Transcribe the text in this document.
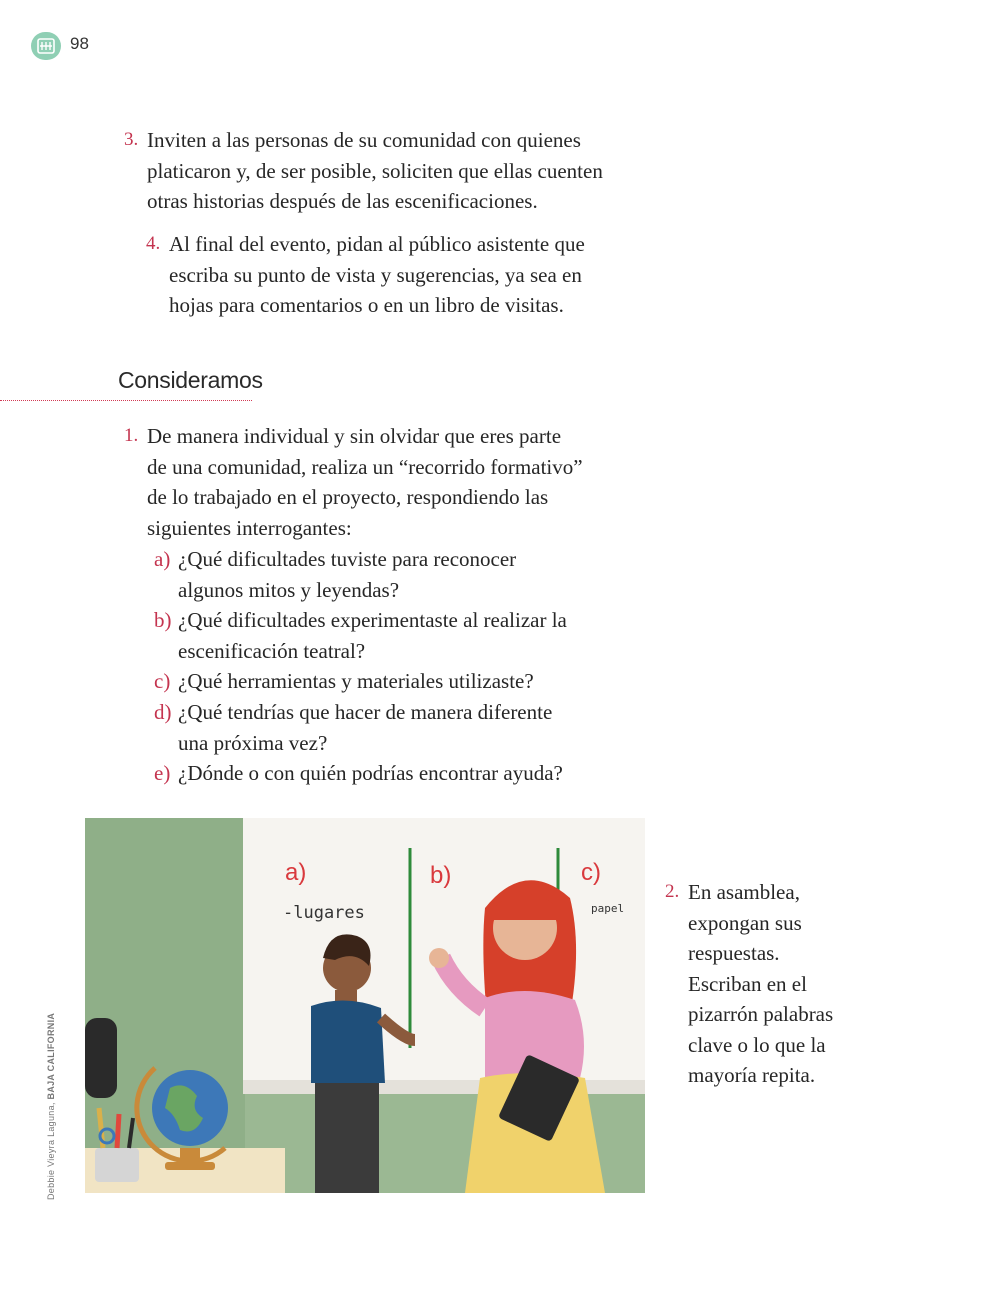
98
3. Inviten a las personas de su comunidad con quienes
platicaron y, de ser posible, soliciten que ellas cuenten
otras historias después de las escenificaciones.
4. Al final del evento, pidan al público asistente que
escriba su punto de vista y sugerencias, ya sea en
hojas para comentarios o en un libro de visitas.
Consideramos
1. De manera individual y sin olvidar que eres parte
de una comunidad, realiza un “recorrido formativo”
de lo trabajado en el proyecto, respondiendo las
siguientes interrogantes:
a) ¿Qué dificultades tuviste para reconocer
algunos mitos y leyendas?
b) ¿Qué dificultades experimentaste al realizar la
escenificación teatral?
c) ¿Qué herramientas y materiales utilizaste?
d) ¿Qué tendrías que hacer de manera diferente
una próxima vez?
e) ¿Dónde o con quién podrías encontrar ayuda?
a)	b)	c)
-lugares	papel
2. En asamblea,
expongan sus
respuestas.
Escriban en el
pizarrón palabras
clave o lo que la
mayoría repita.
Debbie Vieyra Laguna, BAJA CALIFORNIA
